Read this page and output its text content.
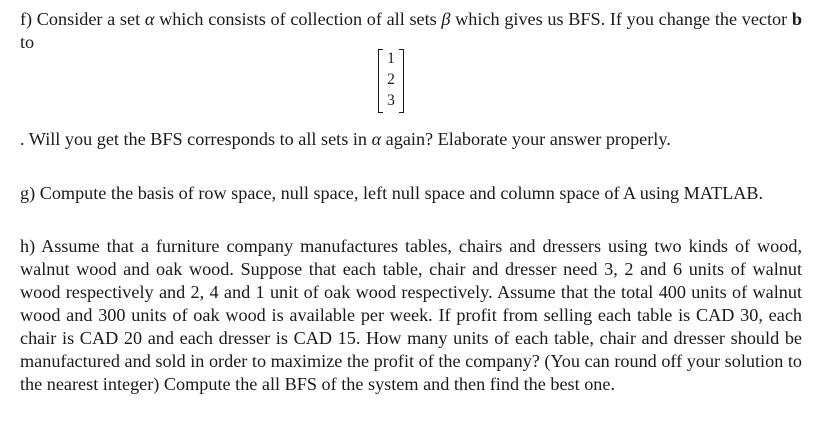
f) Consider a set α which consists of collection of all sets β which gives us BFS. If you change the vector b to

1
2
3

. Will you get the BFS corresponds to all sets in α again? Elaborate your answer properly.

g) Compute the basis of row space, null space, left null space and column space of A using MATLAB.

h) Assume that a furniture company manufactures tables, chairs and dressers using two kinds of wood, walnut wood and oak wood. Suppose that each table, chair and dresser need 3, 2 and 6 units of walnut wood respectively and 2, 4 and 1 unit of oak wood respectively. Assume that the total 400 units of walnut wood and 300 units of oak wood is available per week. If profit from selling each table is CAD 30, each chair is CAD 20 and each dresser is CAD 15. How many units of each table, chair and dresser should be manufactured and sold in order to maximize the profit of the company? (You can round off your solution to the nearest integer) Compute the all BFS of the system and then find the best one.
